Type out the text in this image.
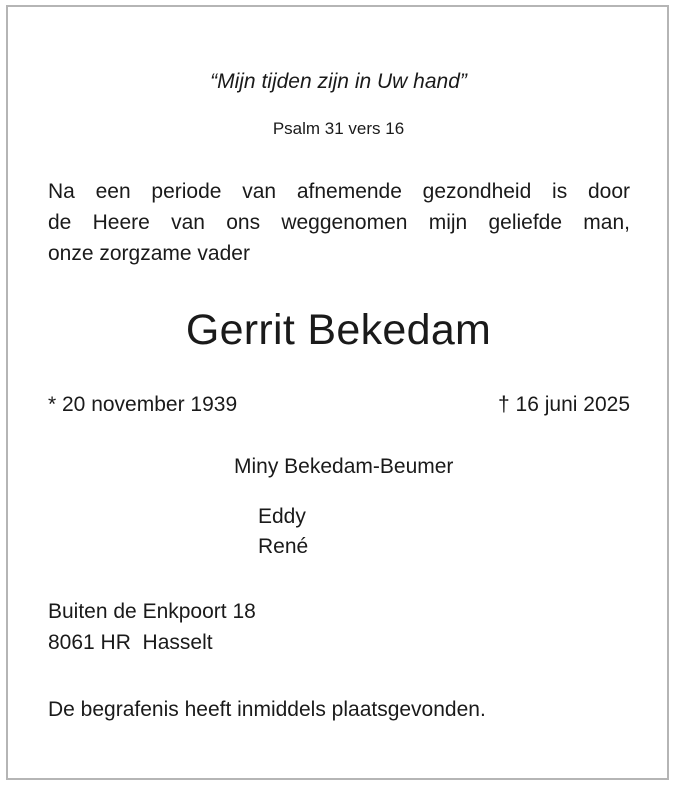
“Mijn tijden zijn in Uw hand”
Psalm 31 vers 16
Na een periode van afnemende gezondheid is door
de Heere van ons weggenomen mijn geliefde man,
onze zorgzame vader
Gerrit Bekedam
* 20 november 1939	† 16 juni 2025
Miny Bekedam-Beumer
Eddy
René
Buiten de Enkpoort 18
8061 HR  Hasselt
De begrafenis heeft inmiddels plaatsgevonden.
